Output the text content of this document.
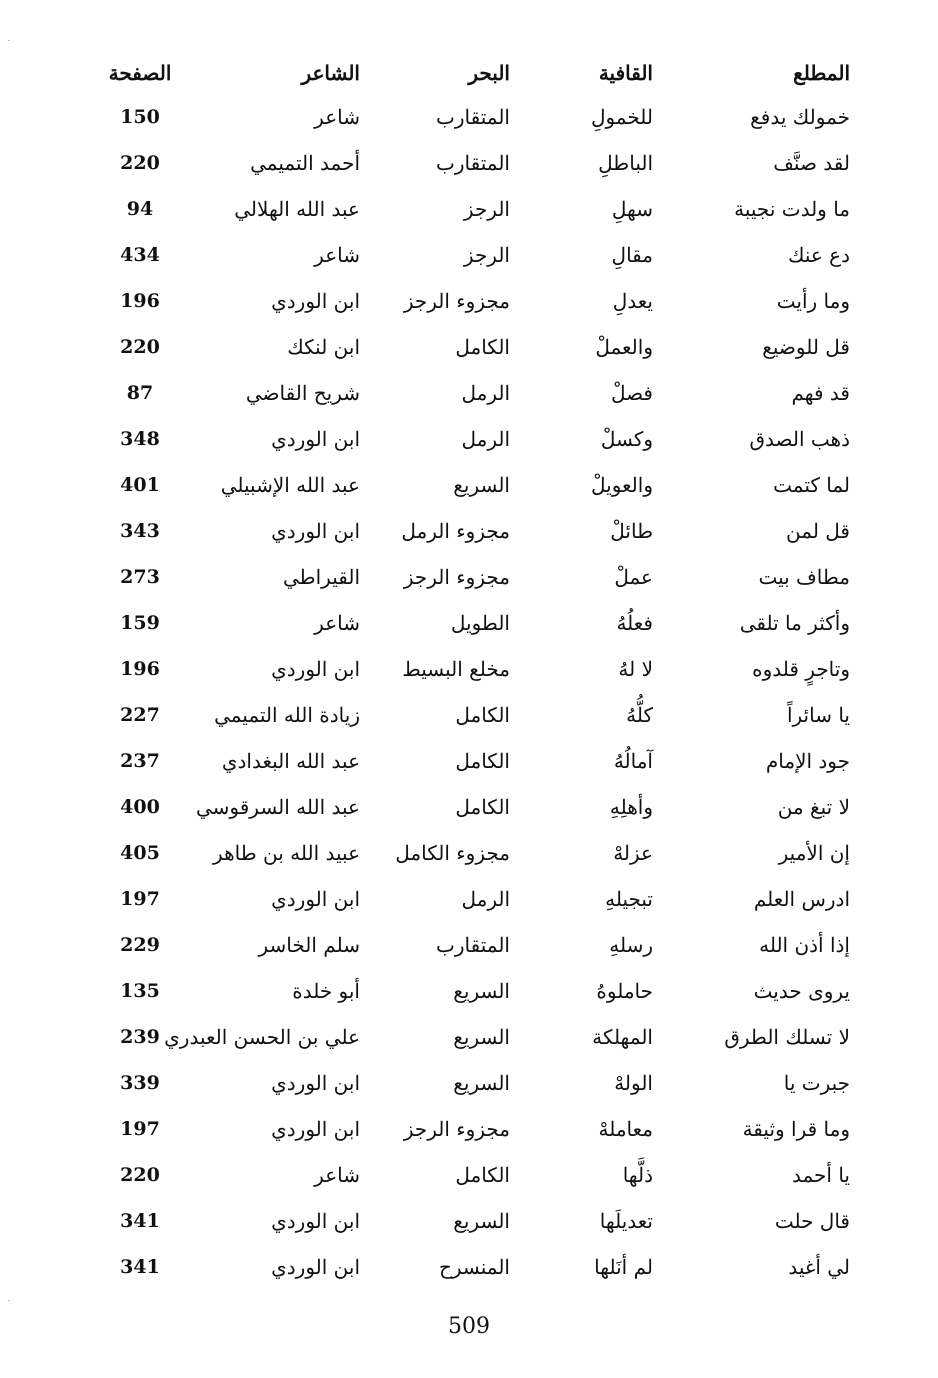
المطلع
القافية
البحر
الشاعر
الصفحة
خمولك يدفع
للخمولِ
المتقارب
شاعر
150
لقد صنَّف
الباطلِ
المتقارب
أحمد التميمي
220
ما ولدت نجيبة
سهلِ
الرجز
عبد الله الهلالي
94
دع عنك
مقالِ
الرجز
شاعر
434
وما رأيت
يعدلِ
مجزوء الرجز
ابن الوردي
196
قل للوضيع
والعملْ
الكامل
ابن لنكك
220
قد فهم
فصلْ
الرمل
شريح القاضي
87
ذهب الصدق
وكسلْ
الرمل
ابن الوردي
348
لما كتمت
والعويلْ
السريع
عبد الله الإشبيلي
401
قل لمن
طائلْ
مجزوء الرمل
ابن الوردي
343
مطاف بيت
عملْ
مجزوء الرجز
القيراطي
273
وأكثر ما تلقى
فعلُهُ
الطويل
شاعر
159
وتاجرٍ قلدوه
لا لهُ
مخلع البسيط
ابن الوردي
196
يا سائراً
كلُّهُ
الكامل
زيادة الله التميمي
227
جود الإمام
آمالُهُ
الكامل
عبد الله البغدادي
237
لا تبغ من
وأهلِهِ
الكامل
عبد الله السرقوسي
400
إن الأمير
عزلهْ
مجزوء الكامل
عبيد الله بن طاهر
405
ادرس العلم
تبجيلهِ
الرمل
ابن الوردي
197
إذا أذن الله
رسلهِ
المتقارب
سلم الخاسر
229
يروى حديث
حاملوهُ
السريع
أبو خلدة
135
لا تسلك الطرق
المهلكة
السريع
علي بن الحسن العبدري
239
جبرت يا
الولهْ
السريع
ابن الوردي
339
وما قرا وثيقة
معاملهْ
مجزوء الرجز
ابن الوردي
197
يا أحمد
ذلَّها
الكامل
شاعر
220
قال حلت
تعديلَها
السريع
ابن الوردي
341
لي أغيد
لم أنَلها
المنسرح
ابن الوردي
341
509
